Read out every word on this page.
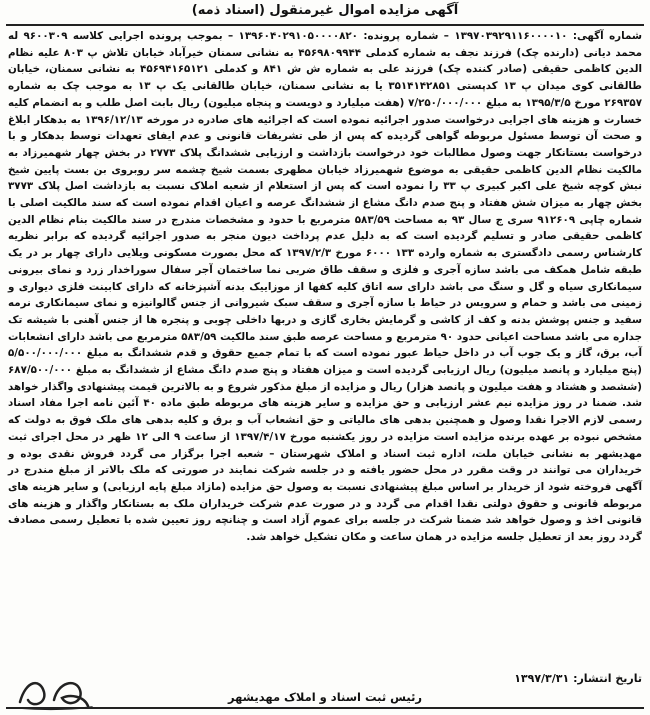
آگهی مزایده اموال غیرمنقول (اسناد ذمه)

شماره آگهی: ۱۳۹۷۰۳۹۲۹۱۱۶۰۰۰۰۱۰ – شماره پرونده: ۱۳۹۶۰۴۰۲۹۱۰۵۰۰۰۰۸۲۰ – بموجب پرونده اجرایی کلاسه ۹۶۰۰۳۰۹ له محمد دیانی (دارنده چک) فرزند نجف به شماره کدملی ۴۵۶۹۸۰۹۹۴۴ به نشانی سمنان خیرآباد خیابان تلاش پ ۸۰۳ علیه نظام الدین کاظمی حقیقی (صادر کننده چک) فرزند علی به شماره ش ش ۸۴۱ و کدملی ۴۵۶۹۴۱۶۵۱۲۱ به نشانی سمنان، خیابان طالقانی کوی میدان پ ۱۳ کدپستی ۳۵۱۴۱۴۲۸۵۱ یا به نشانی سمنان، خیابان طالقانی یک پ ۱۳ به موجب چک به شماره ۲۶۹۳۵۷ مورخ ۱۳۹۵/۳/۵ به مبلغ ۷/۲۵۰/۰۰۰/۰۰۰ (هفت میلیارد و دویست و پنجاه میلیون) ریال بابت اصل طلب و به انضمام کلیه خسارت و هزینه های اجرایی درخواست صدور اجرائیه نموده است که اجرائیه های صادره در مورخه ۱۳۹۶/۱۲/۱۳ به بدهکار ابلاغ و صحت آن توسط مسئول مربوطه گواهی گردیده که پس از طی تشریفات قانونی و عدم ایفای تعهدات توسط بدهکار و با درخواست بستانکار جهت وصول مطالبات خود درخواست بازداشت و ارزیابی ششدانگ پلاک ۲۷۷۳ در بخش چهار شهمیرزاد به مالکیت نظام الدین کاظمی حقیقی به موضوع شهمیرزاد خیابان مطهری بسمت شیخ چشمه سر روبروی بن بست پایین شیخ نبش کوچه شیخ علی اکبر کبیری پ ۳۳ را نموده است که پس از استعلام از شعبه املاک نسبت به بازداشت اصل پلاک ۳۷۷۳ بخش چهار به میزان شش هفتاد و پنج صدم دانگ مشاع از ششدانگ عرصه و اعیان اقدام نموده است که سند مالکیت اصلی با شماره چاپی ۹۱۲۶۰۹ سری ج سال ۹۳ به مساحت ۵۸۳/۵۹ مترمربع با حدود و مشخصات مندرج در سند مالکیت بنام نظام الدین کاظمی حقیقی صادر و تسلیم گردیده است که به دلیل عدم پرداخت دیون منجر به صدور اجرائیه گردیده که برابر نظریه کارشناس رسمی دادگستری به شماره وارده ۱۳۳ ۶۰۰۰ مورخ ۱۳۹۷/۲/۳ که محل بصورت مسکونی ویلایی دارای چهار بر در یک طبقه شامل همکف می باشد سازه آجری و فلزی و سقف طاق ضربی نما ساختمان آجر سفال سوراخدار زرد و نمای بیرونی سیمانکاری سیاه و گل و سنگ می باشد دارای سه اتاق کلیه کفها از موزاییک بدنه آشپزخانه که دارای کابینت فلزی دیواری و زمینی می باشد و حمام و سرویس در حیاط با سازه آجری و سقف سبک شیروانی از جنس گالوانیزه و نمای سیمانکاری نرمه سفید و جنس پوشش بدنه و کف از کاشی و گرمایش بخاری گازی و دربها داخلی چوبی و پنجره ها از جنس آهنی با شیشه تک جداره می باشد مساحت اعیانی حدود ۹۰ مترمربع و مساحت عرصه طبق سند مالکیت ۵۸۳/۵۹ مترمربع می باشد دارای انشعابات آب، برق، گاز و یک جوب آب در داخل حیاط عبور نموده است که با تمام جمیع حقوق و قدم ششدانگ به مبلغ ۵/۵۰۰/۰۰۰/۰۰۰ (پنج میلیارد و پانصد میلیون) ریال ارزیابی گردیده است و میزان هفتاد و پنج صدم دانگ مشاع از ششدانگ به مبلغ ۶۸۷/۵۰۰/۰۰۰ (ششصد و هشتاد و هفت میلیون و پانصد هزار) ریال و مزایده از مبلغ مذکور شروع و به بالاترین قیمت پیشنهادی واگذار خواهد شد. ضمنا در روز مزایده نیم عشر ارزیابی و حق مزایده و سایر هزینه های مربوطه طبق ماده ۴۰ آئین نامه اجرا مفاد اسناد رسمی لازم الاجرا نقدا وصول و همچنین بدهی های مالیاتی و حق انشعاب آب و برق و کلیه بدهی های ملک فوق به دولت که مشخص نبوده بر عهده برنده مزایده است مزایده در روز یکشنبه مورخ ۱۳۹۷/۴/۱۷ از ساعت ۹ الی ۱۲ ظهر در محل اجرای ثبت مهدیشهر به نشانی خیابان ملت، اداره ثبت اسناد و املاک شهرستان – شعبه اجرا برگزار می گردد فروش نقدی بوده و خریداران می توانند در وقت مقرر در محل حضور یافته و در جلسه شرکت نمایند در صورتی که ملک بالاتر از مبلغ مندرج در آگهی فروخته شود از خریدار بر اساس مبلغ پیشنهادی نسبت به وصول حق مزایده (مازاد مبلغ پایه ارزیابی) و سایر هزینه های مربوطه قانونی و حقوق دولتی نقدا اقدام می گردد و در صورت عدم شرکت خریداران ملک به بستانکار واگذار و هزینه های قانونی اخذ و وصول خواهد شد ضمنا شرکت در جلسه برای عموم آزاد است و چنانچه روز تعیین شده با تعطیل رسمی مصادف گردد روز بعد از تعطیل جلسه مزایده در همان ساعت و مکان تشکیل خواهد شد.

تاریخ انتشار: ۱۳۹۷/۳/۳۱
رئیس ثبت اسناد و املاک مهدیشهر
